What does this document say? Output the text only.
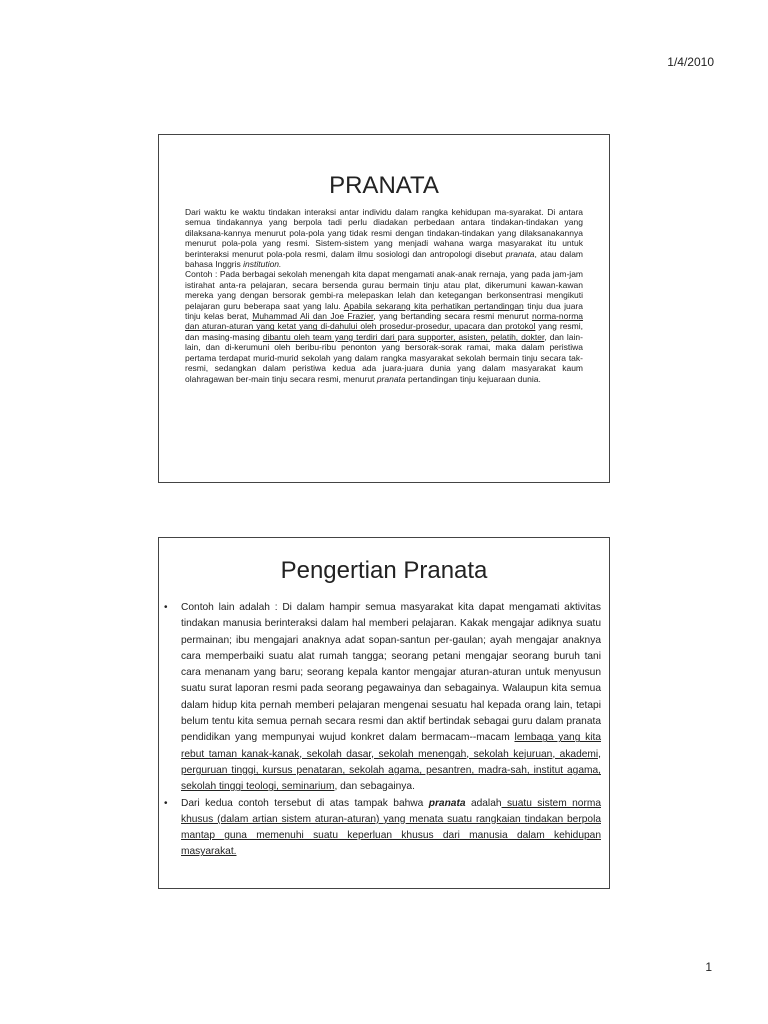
1/4/2010
PRANATA

Dari waktu ke waktu tindakan interaksi antar individu dalam rangka kehidupan ma-syarakat. Di antara semua tindakannya yang berpola tadi perlu diadakan perbedaan antara tindakan-tindakan yang dilaksana-kannya menurut pola-pola yang tidak resmi dengan tindakan-tindakan yang dilaksanakannya menurut pola-pola yang resmi. Sistem-sistem yang menjadi wahana warga masyarakat itu untuk berinteraksi menurut pola-pola resmi, dalam ilmu sosiologi dan antropologi disebut pranata, atau dalam bahasa Inggris institution.

Contoh : Pada berbagai sekolah menengah kita dapat mengamati anak-anak rernaja, yang pada jam-jam istirahat anta-ra pelajaran, secara bersenda gurau bermain tinju atau plat, dikerumuni kawan-kawan mereka yang dengan bersorak gembi-ra melepaskan lelah dan ketegangan berkonsentrasi mengikuti pelajaran guru beberapa saat yang lalu. Apabila sekarang kita perhatikan pertandingan tinju dua juara tinju kelas berat, Muhammad Ali dan Joe Frazier, yang bertanding secara resmi menurut norma-norma dan aturan-aturan yang ketat yang di-dahului oleh prosedur-prosedur, upacara dan protokol yang resmi, dan masing-masing dibantu oleh team yang terdiri dari para supporter, asisten, pelatih, dokter, dan lain-lain, dan di-kerumuni oleh beribu-ribu penonton yang bersorak-sorak ramai, maka dalam peristiwa pertama terdapat murid-murid sekolah yang dalam rangka masyarakat sekolah bermain tinju secara tak-resmi, sedangkan dalam peristiwa kedua ada juara-juara dunia yang dalam masyarakat kaum olahragawan ber-main tinju secara resmi, menurut pranata pertandingan tinju kejuaraan dunia.

Pengertian Pranata
• Contoh lain adalah : Di dalam hampir semua masyarakat kita dapat mengamati aktivitas tindakan manusia berinteraksi dalam hal memberi pelajaran. Kakak mengajar adiknya suatu permainan; ibu mengajari anaknya adat sopan-santun per-gaulan; ayah mengajar anaknya cara memperbaiki suatu alat rumah tangga; seorang petani mengajar seorang buruh tani cara menanam yang baru; seorang kepala kantor mengajar aturan-aturan untuk menyusun suatu surat laporan resmi pada seorang pegawainya dan sebagainya. Walaupun kita semua dalam hidup kita pernah memberi pelajaran mengenai sesuatu hal kepada orang lain, tetapi belum tentu kita semua pernah secara resmi dan aktif bertindak sebagai guru dalam pranata pendidikan yang mempunyai wujud konkret dalam bermacam--macam lembaga yang kita rebut taman kanak-kanak, sekolah dasar, sekolah menengah, sekolah kejuruan, akademi, perguruan tinggi, kursus penataran, sekolah agama, pesantren, madra-sah, institut agama, sekolah tinggi teologi, seminarium, dan sebagainya.
• Dari kedua contoh tersebut di atas tampak bahwa pranata adalah suatu sistem norma khusus (dalam artian sistem aturan-aturan) yang menata suatu rangkaian tindakan berpola mantap guna memenuhi suatu keperluan khusus dari manusia dalam kehidupan masyarakat.
1
